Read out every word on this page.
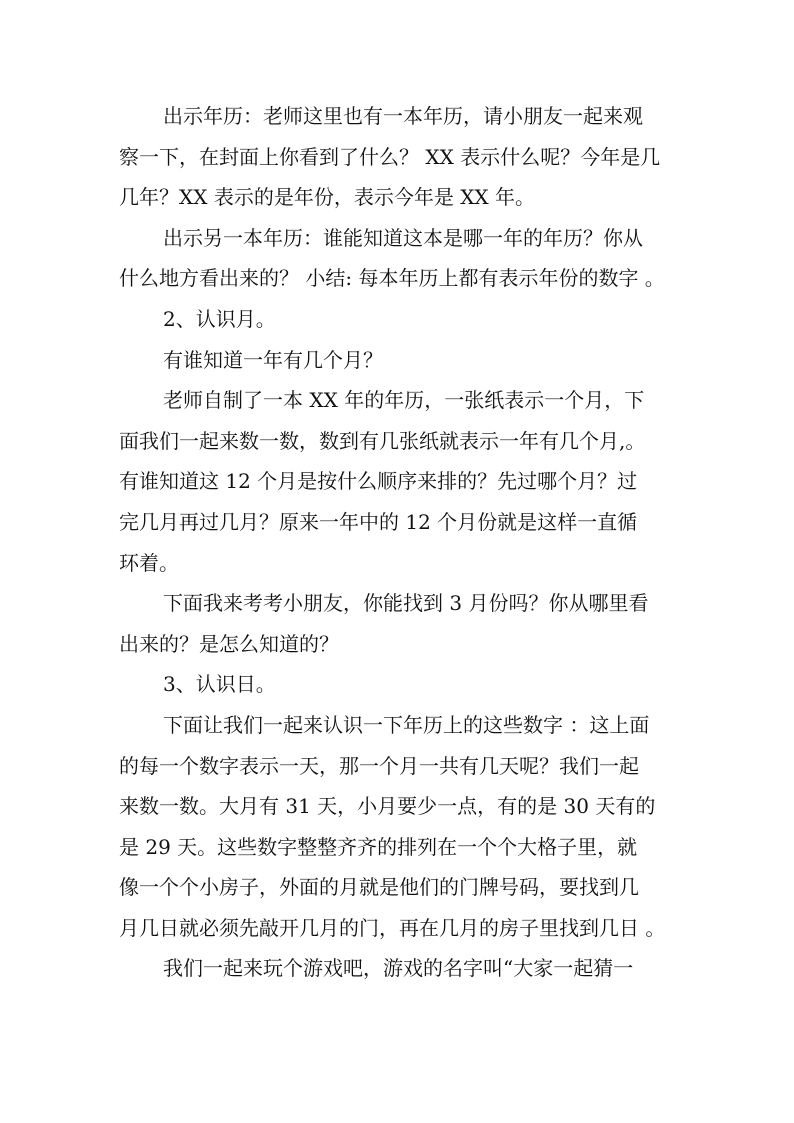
出示年历：老师这里也有一本年历，请小朋友一起来观
察一下，在封面上你看到了什么？ XX 表示什么呢？今年是几
几年？XX 表示的是年份，表示今年是 XX 年。
出示另一本年历：谁能知道这本是哪一年的年历？你从
什么地方看出来的？ 小结: 每本年历上都有表示年份的数字 。
2、认识月。
有谁知道一年有几个月？
老师自制了一本 XX 年的年历，一张纸表示一个月，下
面我们一起来数一数，数到有几张纸就表示一年有几个月,。
有谁知道这 12 个月是按什么顺序来排的？先过哪个月？过
完几月再过几月？原来一年中的 12 个月份就是这样一直循
环着。
下面我来考考小朋友，你能找到 3 月份吗？你从哪里看
出来的？是怎么知道的？
3、认识日。
下面让我们一起来认识一下年历上的这些数字 ：这上面
的每一个数字表示一天，那一个月一共有几天呢？我们一起
来数一数。大月有 31 天，小月要少一点，有的是 30 天有的
是 29 天。这些数字整整齐齐的排列在一个个大格子里，就
像一个个小房子，外面的月就是他们的门牌号码，要找到几
月几日就必须先敲开几月的门，再在几月的房子里找到几日 。
我们一起来玩个游戏吧，游戏的名字叫“大家一起猜一
